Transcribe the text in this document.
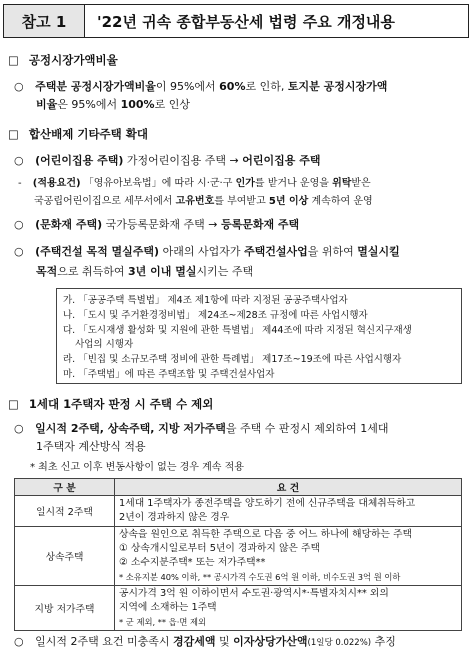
참고 1	'22년 귀속 종합부동산세 법령 주요 개정내용
□ 공정시장가액비율
○ 주택분 공정시장가액비율이 95%에서 60%로 인하, 토지분 공정시장가액
비율은 95%에서 100%로 인상
□ 합산배제 기타주택 확대
○ (어린이집용 주택) 가정어린이집용 주택 → 어린이집용 주택
- (적용요건) 「영유아보육법」에 따라 시·군·구 인가를 받거나 운영을 위탁받은
국공립어린이집으로 세무서에서 고유번호를 부여받고 5년 이상 계속하여 운영
○ (문화재 주택) 국가등록문화재 주택 → 등록문화재 주택
○ (주택건설 목적 멸실주택) 아래의 사업자가 주택건설사업을 위하여 멸실시킬
목적으로 취득하여 3년 이내 멸실시키는 주택
가. 「공공주택 특별법」 제4조 제1항에 따라 지정된 공공주택사업자
나. 「도시 및 주거환경정비법」 제24조~제28조 규정에 따른 사업시행자
다. 「도시재생 활성화 및 지원에 관한 특별법」 제44조에 따라 지정된 혁신지구재생
사업의 시행자
라. 「빈집 및 소규모주택 정비에 관한 특례법」 제17조~19조에 따른 사업시행자
마. 「주택법」에 따른 주택조합 및 주택건설사업자
□ 1세대 1주택자 판정 시 주택 수 제외
○ 일시적 2주택, 상속주택, 지방 저가주택을 주택 수 판정시 제외하여 1세대
1주택자 계산방식 적용
* 최초 신고 이후 변동사항이 없는 경우 계속 적용
구 분	요 건
일시적 2주택	1세대 1주택자가 종전주택을 양도하기 전에 신규주택을 대체취득하고
2년이 경과하지 않은 경우

상속주택	상속을 원인으로 취득한 주택으로 다음 중 어느 하나에 해당하는 주택
① 상속개시일로부터 5년이 경과하지 않은 주택
② 소수지분주택* 또는 저가주택**
* 소유지분 40% 이하, ** 공시가격 수도권 6억 원 이하, 비수도권 3억 원 이하

지방 저가주택	공시가격 3억 원 이하이면서 수도권·광역시*·특별자치시** 외의
지역에 소재하는 1주택
* 군 제외, ** 읍·면 제외
○ 일시적 2주택 요건 미충족시 경감세액 및 이자상당가산액(1일당 0.022%) 추징
